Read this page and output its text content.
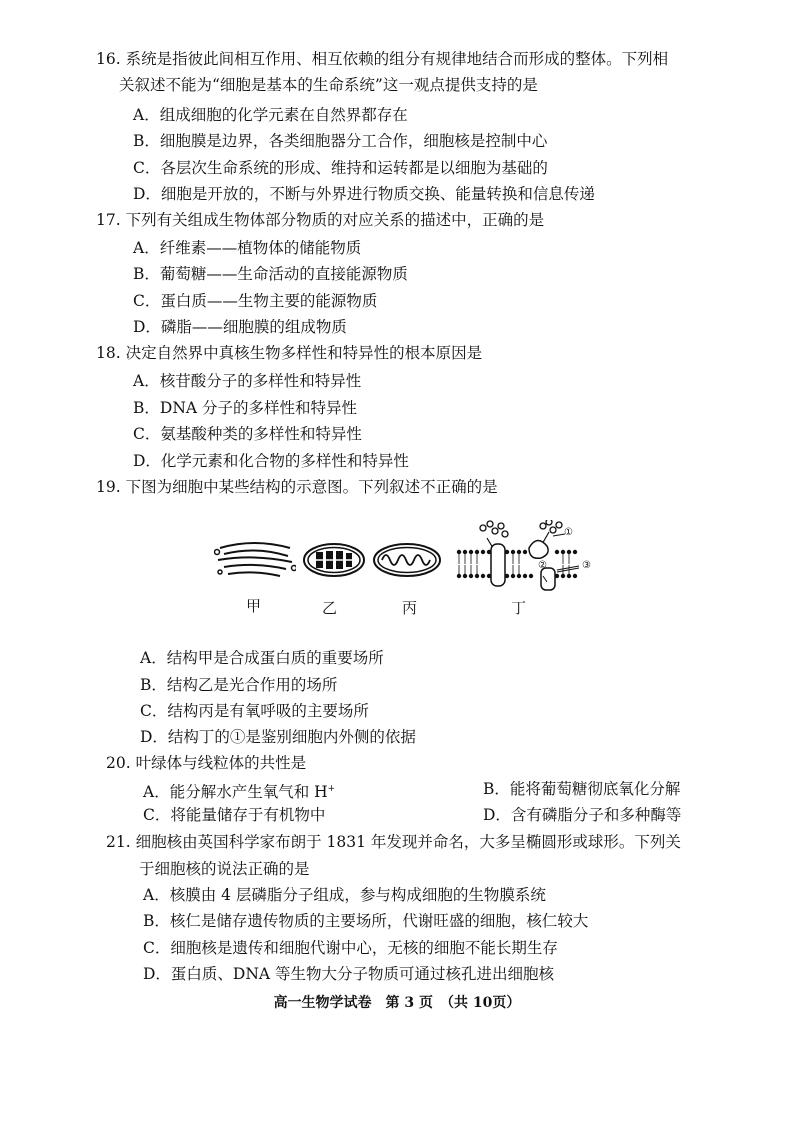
16. 系统是指彼此间相互作用、相互依赖的组分有规律地结合而形成的整体。下列相
关叙述不能为“细胞是基本的生命系统”这一观点提供支持的是
A．组成细胞的化学元素在自然界都存在
B．细胞膜是边界，各类细胞器分工合作，细胞核是控制中心
C．各层次生命系统的形成、维持和运转都是以细胞为基础的
D．细胞是开放的，不断与外界进行物质交换、能量转换和信息传递
17. 下列有关组成生物体部分物质的对应关系的描述中，正确的是
A．纤维素——植物体的储能物质
B．葡萄糖——生命活动的直接能源物质
C．蛋白质——生物主要的能源物质
D．磷脂——细胞膜的组成物质
18. 决定自然界中真核生物多样性和特异性的根本原因是
A．核苷酸分子的多样性和特异性
B．DNA 分子的多样性和特异性
C．氨基酸种类的多样性和特异性
D．化学元素和化合物的多样性和特异性
19. 下图为细胞中某些结构的示意图。下列叙述不正确的是
甲	乙	丙
①
②	③
丁
A．结构甲是合成蛋白质的重要场所
B．结构乙是光合作用的场所
C．结构丙是有氧呼吸的主要场所
D．结构丁的①是鉴别细胞内外侧的依据
20. 叶绿体与线粒体的共性是
A．能分解水产生氧气和 H+	B．能将葡萄糖彻底氧化分解
C．将能量储存于有机物中	D．含有磷脂分子和多种酶等
21. 细胞核由英国科学家布朗于 1831 年发现并命名，大多呈椭圆形或球形。下列关
于细胞核的说法正确的是
A．核膜由 4 层磷脂分子组成，参与构成细胞的生物膜系统
B．核仁是储存遗传物质的主要场所，代谢旺盛的细胞，核仁较大
C．细胞核是遗传和细胞代谢中心，无核的细胞不能长期生存
D．蛋白质、DNA 等生物大分子物质可通过核孔进出细胞核
高一生物学试卷　第 3 页　（共 10页）
